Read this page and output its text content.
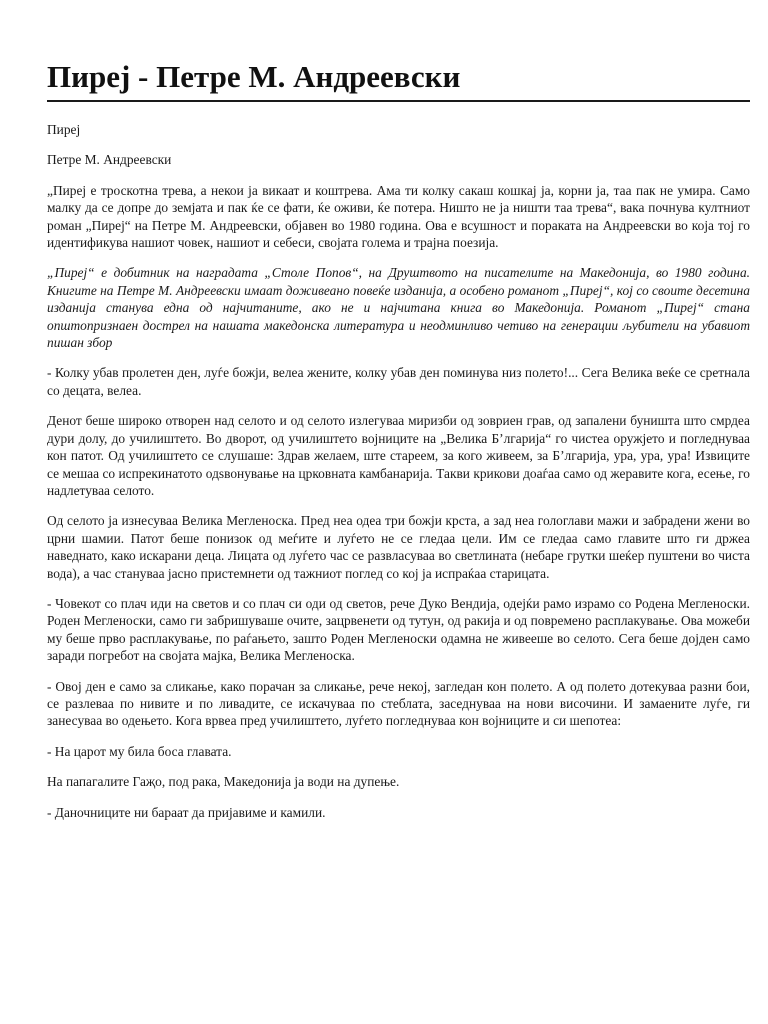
Пиреј - Петре М. Андреевски

Пиреј

Петре М. Андреевски

„Пиреј е троскотна трева, а некои ја викаат и коштрева. Ама ти колку сакаш кошкај ја, корни ја, таа пак не умира. Само малку да се допре до земјата и пак ќе се фати, ќе оживи, ќе потера. Ништо не ја ништи таа трева“, вака почнува култниот роман „Пиреј“ на Петре М. Андреевски, објавен во 1980 година. Ова е всушност и пораката на Андреевски во која тој го идентификува нашиот човек, нашиот и себеси, својата голема и трајна поезија.

„Пиреј“ е добитник на наградата „Столе Попов“, на Друштвото на писателите на Македонија, во 1980 година. Книгите на Петре М. Андреевски имаат доживеано повеќе изданија, а особено романот „Пиреј“, кој со своите десетина изданија станува една од најчитаните, ако не и најчитана книга во Македонија. Романот „Пиреј“ стана општопризнаен дострел на нашата македонска литература и неодминливо четиво на генерации љубители на убавиот пишан збор

- Колку убав пролетен ден, луѓе божји, велеа жените, колку убав ден поминува низ полето!... Сега Велика веќе се сретнала со децата, велеа.

Денот беше широко отворен над селото и од селото излегуваа миризби од зовриен грав, од запалени буништа што смрдеа дури долу, до училиштето. Во дворот, од училиштето војниците на „Велика Б’лгарија“ го чистеа оружјето и погледнуваа кон патот. Од училиштето се слушаше: Здрав желаем, ште стареем, за кого живеем, за Б’лгарија, ура, ура, ура! Извиците се мешаа со испрекинатото одѕвонување на црковната камбанарија. Такви крикови доаѓаа само од жеравите кога, есење, го надлетуваа селото.

Од селото ја изнесуваа Велика Мегленоска. Пред неа одеа три божји крста, а зад неа гологлави мажи и забрадени жени во црни шамии. Патот беше понизок од меѓите и луѓето не се гледаа цели. Им се гледаа само главите што ги држеа наведнато, како искарани деца. Лицата од луѓето час се развласуваа во светлината (небаре грутки шеќер пуштени во чиста вода), а час стануваа јасно пристемнети од тажниот поглед со кој ја испраќаа старицата.

- Човекот со плач иди на светов и со плач си оди од светов, рече Дуко Вендија, одејќи рамо израмо со Родена Мегленоски. Роден Мегленоски, само ги забришуваше очите, зацрвенети од тутун, од ракија и од повремено расплакување. Ова можеби му беше прво расплакување, по раѓањето, зашто Роден Мегленоски одамна не живееше во селото. Сега беше дојден само заради погребот на својата мајка, Велика Мегленоска.

- Овој ден е само за сликање, како порачан за сликање, рече некој, загледан кон полето. А од полето дотекуваа разни бои, се разлеваа по нивите и по ливадите, се искачуваа по стеблата, заседнуваа на нови височини. И замаените луѓе, ги занесуваа во одењето. Кога врвеа пред училиштето, луѓето погледнуваа кон војниците и си шепотеа:

- На царот му била боса главата.

На папагалите Гаҗо, под рака, Македонија ја води на дупење.

- Даночниците ни бараат да пријавиме и камили.
